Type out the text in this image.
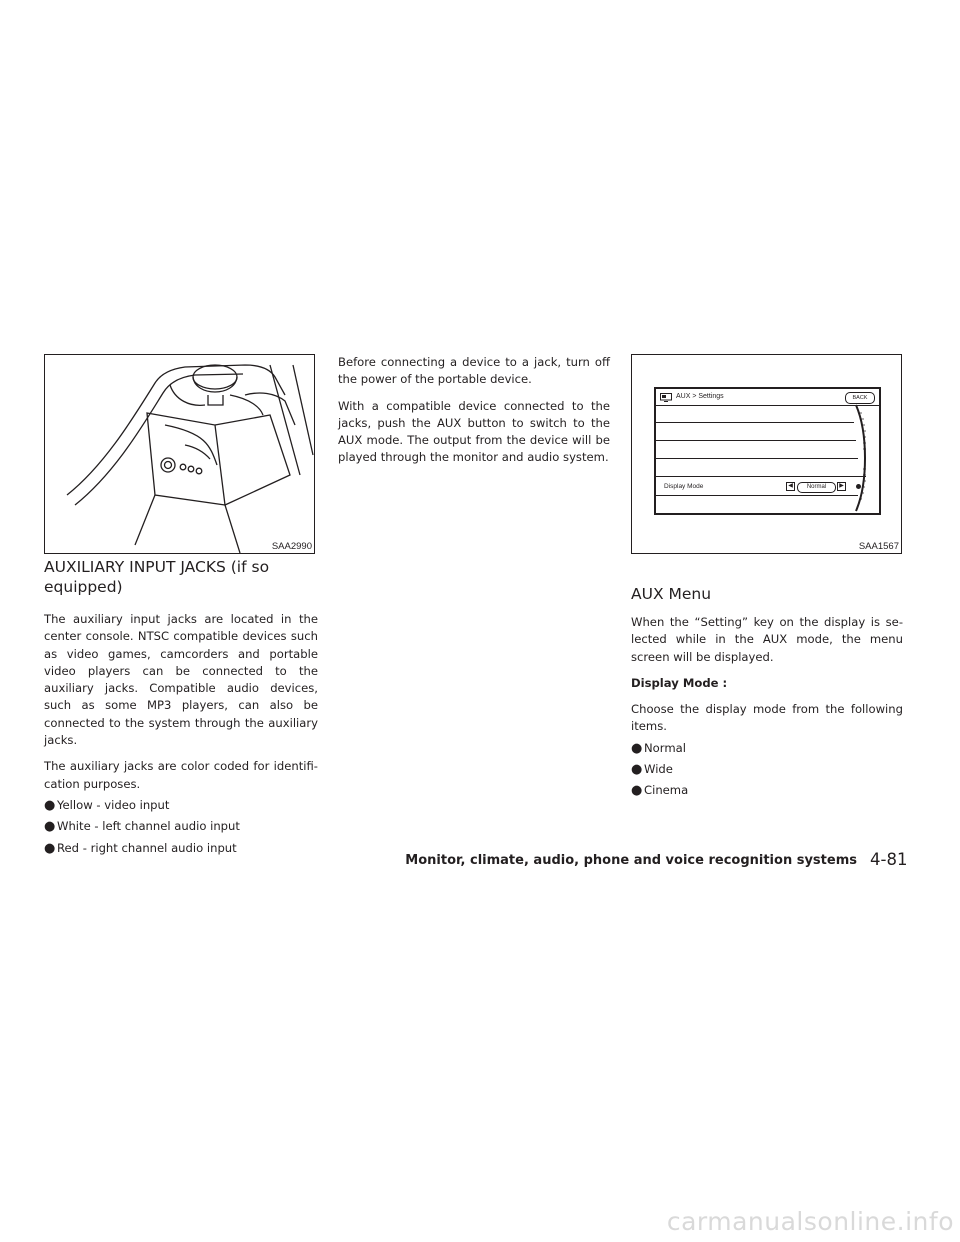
SAA2990
AUX > Settings	BACK
Display Mode	◀	Normal	▶
SAA1567
AUXILIARY INPUT JACKS (if so equipped)

The auxiliary input jacks are located in the center console. NTSC compatible devices such as video games, camcorders and portable video players can be connected to the auxiliary jacks. Compatible audio devices, such as some MP3 players, can also be connected to the system through the auxiliary jacks.

The auxiliary jacks are color coded for identifi-cation purposes.

● Yellow - video input
● White - left channel audio input
● Red - right channel audio input

Before connecting a device to a jack, turn off the power of the portable device.

With a compatible device connected to the jacks, push the AUX button to switch to the AUX mode. The output from the device will be played through the monitor and audio system.

AUX Menu

When the “Setting” key on the display is se-lected while in the AUX mode, the menu screen will be displayed.

Display Mode :

Choose the display mode from the following items.

● Normal
● Wide
● Cinema
Monitor, climate, audio, phone and voice recognition systems 4-81
carmanualsonline.info
